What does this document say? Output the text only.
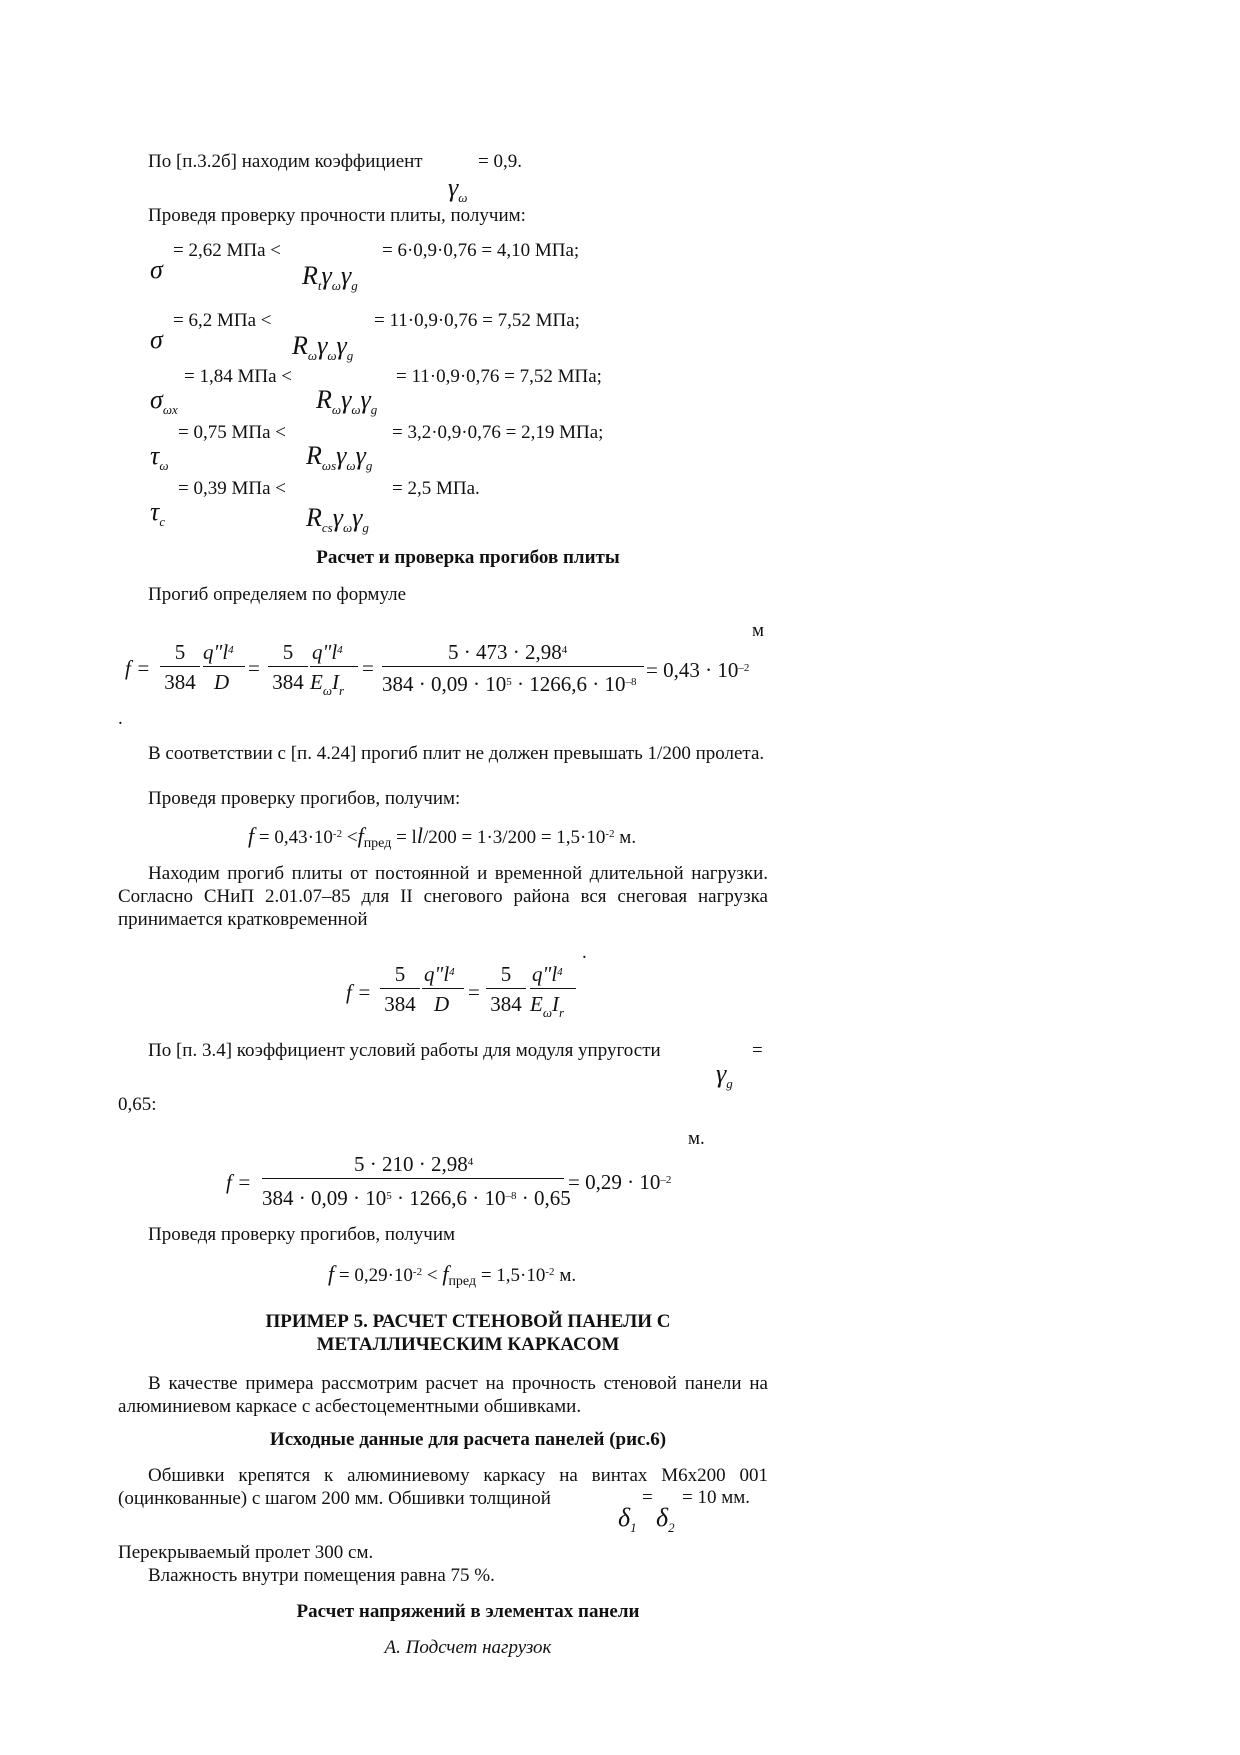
По [п.3.2б] находим коэффициент	= 0,9.
$\gamma_\omega$
Проведя проверку прочности плиты, получим:
= 2,62 МПа <	= 6·0,9·0,76 = 4,10 МПа;
σ	$R_t\gamma_\omega\gamma_g$
= 6,2 МПа <	= 11·0,9·0,76 = 7,52 МПа;
σ	$R_\omega\gamma_\omega\gamma_g$
= 1,84 МПа <	= 11·0,9·0,76 = 7,52 МПа;
$\sigma_{\omega x}$	$R_\omega\gamma_\omega\gamma_g$
= 0,75 МПа <	= 3,2·0,9·0,76 = 2,19 МПа;
$\tau_\omega$	$R_{\omega s}\gamma_\omega\gamma_g$
= 0,39 МПа <	= 2,5 МПа.
$\tau_c$	$R_{cs}\gamma_\omega\gamma_g$
Расчет и проверка прогибов плиты
Прогиб определяем по формуле
м
f =
5
384
$q"l^4$
D
=
5
384
$q"l^4$
$E_\omega I_r$
=
$5 \cdot 473 \cdot 2,98^4$
$384 \cdot 0,09 \cdot 10^5 \cdot 1266,6 \cdot 10^{-8} = 0,43 \cdot 10^{-2}$
.
В соответствии с [п. 4.24] прогиб плит не должен превышать 1/200 пролета.
Проведя проверку прогибов, получим:
$f = 0,43\cdot 10^{-2} <f_{пред} = ll/200 = 1\cdot 3/200 = 1,5\cdot 10^{-2}$ м.
Находим прогиб плиты от постоянной и временной длительной нагрузки. Согласно СНиП 2.01.07–85 для II снегового района вся снеговая нагрузка принимается кратковременной
.
f =
5
384
$q"l^4$
D =
5
384
$q"l^4$
$E_\omega I_r$
По [п. 3.4] коэффициент условий работы для модуля упругости	=
$\gamma_g$
0,65:
м.
f =
$5 \cdot 210 \cdot 2,98^4$
$384 \cdot 0,09 \cdot 10^5 \cdot 1266,6 \cdot 10^{-8} \cdot 0,65$
= $0,29 \cdot 10^{-2}$
Проведя проверку прогибов, получим
$f = 0,29\cdot 10^{-2} < f_{пред} = 1,5\cdot 10^{-2}$ м.
ПРИМЕР 5. РАСЧЕТ СТЕНОВОЙ ПАНЕЛИ С
МЕТАЛЛИЧЕСКИМ КАРКАСОМ
В качестве примера рассмотрим расчет на прочность стеновой панели на алюминиевом каркасе с асбестоцементными обшивками.
Исходные данные для расчета панелей (рис.6)
Обшивки крепятся к алюминиевому каркасу на винтах М6х200 001 (оцинкованные) с шагом 200 мм. Обшивки толщиной	= = 10 мм.
$\delta_1$ $\delta_2$
Перекрываемый пролет 300 см.
Влажность внутри помещения равна 75 %.
Расчет напряжений в элементах панели
А. Подсчет нагрузок
